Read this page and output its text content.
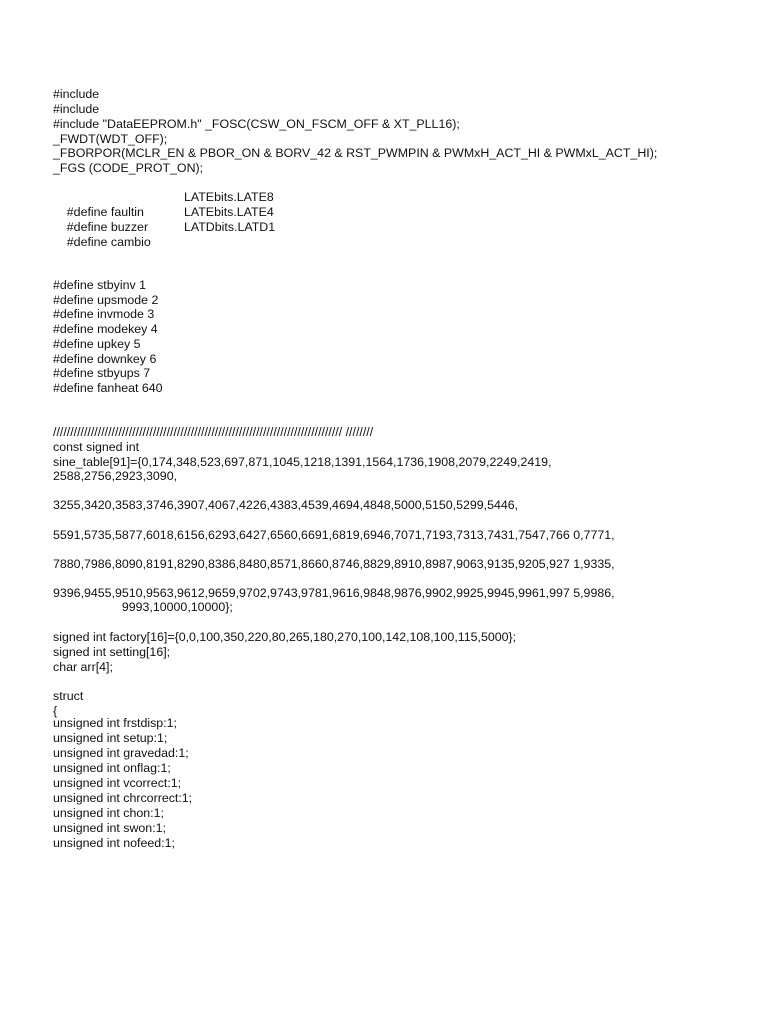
#include
#include
#include "DataEEPROM.h" _FOSC(CSW_ON_FSCM_OFF & XT_PLL16);
_FWDT(WDT_OFF);
_FBORPOR(MCLR_EN & PBOR_ON & BORV_42 & RST_PWMPIN & PWMxH_ACT_HI & PWMxL_ACT_HI);
_FGS (CODE_PROT_ON);

#define faultin
LATEbits.LATE8

#define buzzer
LATEbits.LATE4

#define cambio
LATDbits.LATD1

#define stbyinv 1
#define upsmode 2
#define invmode 3
#define modekey 4
#define upkey 5
#define downkey 6
#define stbyups 7
#define fanheat 640
//////////////////////////////////////////////////////////////////////////////////// ////////
const signed int
sine_table[91]={0,174,348,523,697,871,1045,1218,1391,1564,1736,1908,2079,2249,2419,
2588,2756,2923,3090,
3255,3420,3583,3746,3907,4067,4226,4383,4539,4694,4848,5000,5150,5299,5446,
5591,5735,5877,6018,6156,6293,6427,6560,6691,6819,6946,7071,7193,7313,7431,7547,766 0,7771,
7880,7986,8090,8191,8290,8386,8480,8571,8660,8746,8829,8910,8987,9063,9135,9205,927 1,9335,
9396,9455,9510,9563,9612,9659,9702,9743,9781,9616,9848,9876,9902,9925,9945,9961,997 5,9986,
9993,10000,10000};
signed int factory[16]={0,0,100,350,220,80,265,180,270,100,142,108,100,115,5000};
signed int setting[16];
char arr[4];
struct
{
unsigned int frstdisp:1;
unsigned int setup:1;
unsigned int gravedad:1;
unsigned int onflag:1;
unsigned int vcorrect:1;
unsigned int chrcorrect:1;
unsigned int chon:1;
unsigned int swon:1;
unsigned int nofeed:1;
